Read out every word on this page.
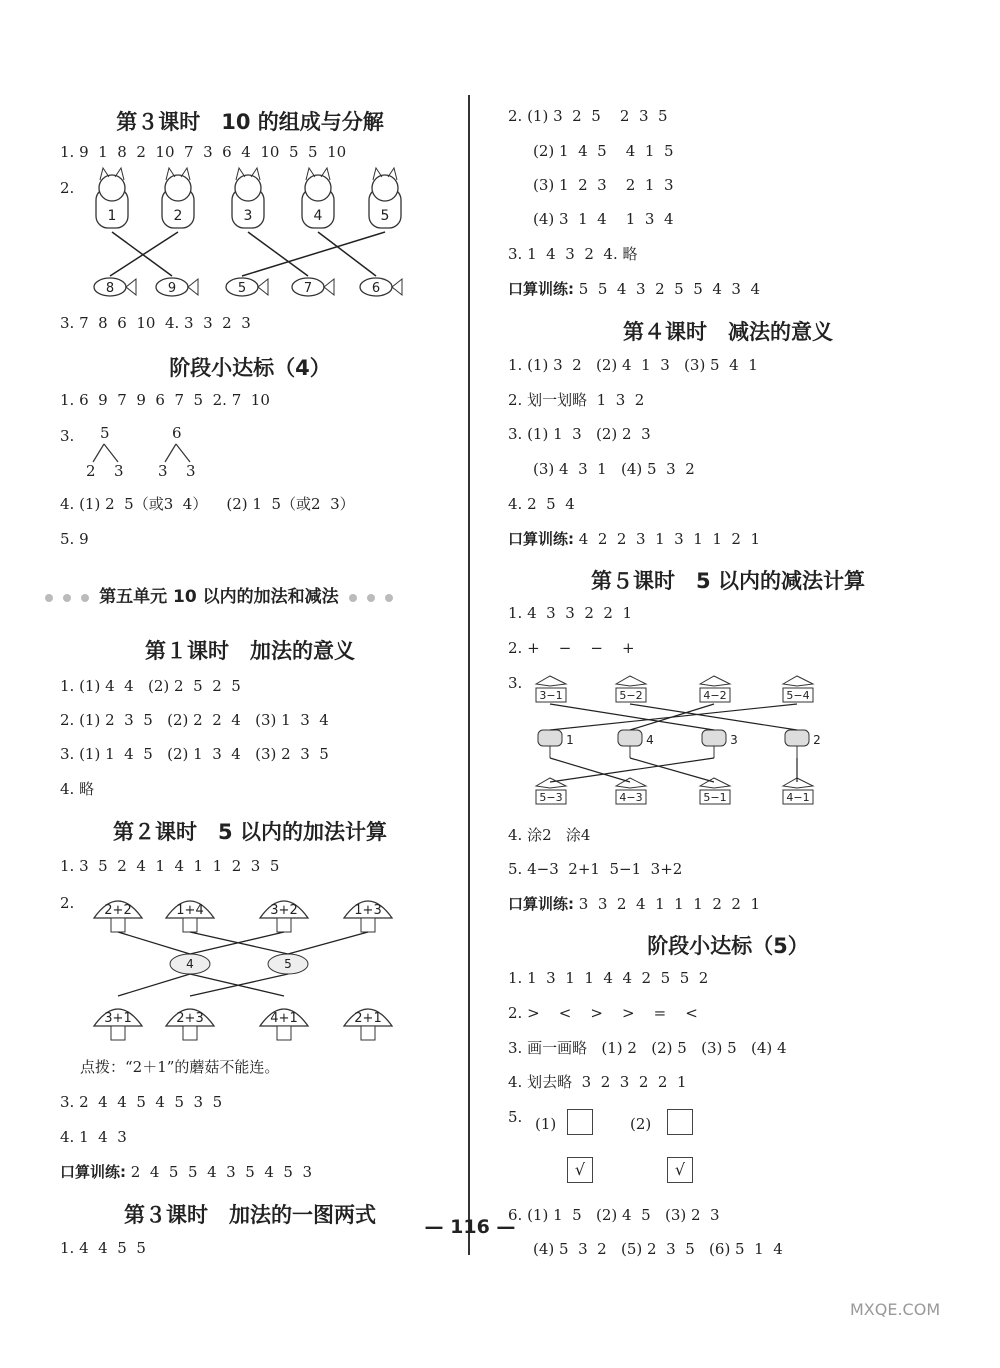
第３课时　10 的组成与分解
1. 9  1  8  2  10  7  3  6  4  10  5  5  10
2.
1	2	3	4	5
8	9	5	7	6
3. 7  8  6  10  4. 3  3  2  3
阶段小达标（4）
1. 6  9  7  9  6  7  5  2. 7  10
3. 5
2 3
6
3 3
4. (1) 2  5（或3  4）    (2) 1  5（或2  3）
5. 9
第五单元 10 以内的加法和减法
第１课时　加法的意义
1. (1) 4  4   (2) 2  5  2  5
2. (1) 2  3  5   (2) 2  2  4   (3) 1  3  4
3. (1) 1  4  5   (2) 1  3  4   (3) 2  3  5
4. 略
第２课时　5 以内的加法计算
1. 3  5  2  4  1  4  1  1  2  3  5
2. 2+2	1+4	3+2	1+3
3+1	2+3	4+1	2+1
4	5
点拨：“2＋1”的蘑菇不能连。
3. 2  4  4  5  4  5  3  5
4. 1  4  3
口算训练: 2  4  5  5  4  3  5  4  5  3
第３课时　加法的一图两式
1. 4  4  5  5
2. (1) 3  2  5    2  3  5
(2) 1  4  5    4  1  5
(3) 1  2  3    2  1  3
(4) 3  1  4    1  3  4
3. 1  4  3  2  4. 略
口算训练: 5  5  4  3  2  5  5  4  3  4
第４课时　减法的意义
1. (1) 3  2   (2) 4  1  3   (3) 5  4  1
2. 划一划略  1  3  2
3. (1) 1  3   (2) 2  3
(3) 4  3  1   (4) 5  3  2
4. 2  5  4
口算训练: 4  2  2  3  1  3  1  1  2  1
第５课时　5 以内的减法计算
1. 4  3  3  2  2  1
2. +    −    −    +
3.
3−1	5−2	4−2	5−4
5−3	4−3	5−1	4−1
1	4	3	2
4. 涂2   涂4
5. 4−3  2+1  5−1  3+2
口算训练: 3  3  2  4  1  1  1  2  2  1
阶段小达标（5）
1. 1  3  1  1  4  4  2  5  5  2
2. >    <    >    >    =    <
3. 画一画略   (1) 2   (2) 5   (3) 5   (4) 4
4. 划去略  3  2  3  2  2  1
5. (1)	(2)
√	√
6. (1) 1  5   (2) 4  5   (3) 2  3
(4) 5  3  2   (5) 2  3  5   (6) 5  1  4
— 116 —
MXQE.COM
